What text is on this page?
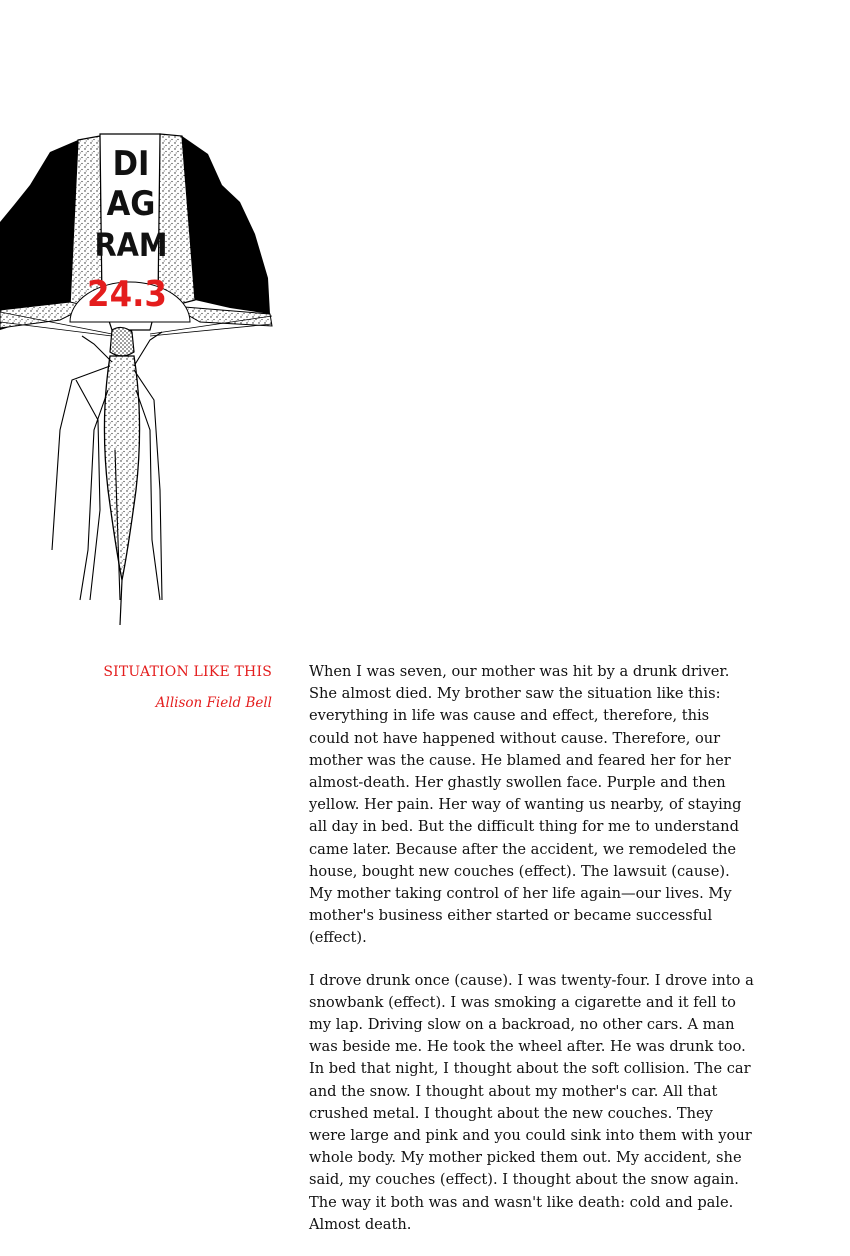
DI
AG
RAM
24.3
SITUATION LIKE THIS
Allison Field Bell

When I was seven, our mother was hit by a drunk driver. She almost died. My brother saw the situation like this: everything in life was cause and effect, therefore, this could not have happened without cause. Therefore, our mother was the cause. He blamed and feared her for her almost-death. Her ghastly swollen face. Purple and then yellow. Her pain. Her way of wanting us nearby, of staying all day in bed. But the difficult thing for me to understand came later. Because after the accident, we remodeled the house, bought new couches (effect). The lawsuit (cause). My mother taking control of her life again—our lives. My mother's business either started or became successful (effect).

I drove drunk once (cause). I was twenty-four. I drove into a snowbank (effect). I was smoking a cigarette and it fell to my lap. Driving slow on a backroad, no other cars. A man was beside me. He took the wheel after. He was drunk too. In bed that night, I thought about the soft collision. The car and the snow. I thought about my mother's car. All that crushed metal. I thought about the new couches. They were large and pink and you could sink into them with your whole body. My mother picked them out. My accident, she said, my couches (effect). I thought about the snow again. The way it both was and wasn't like death: cold and pale. Almost death.
